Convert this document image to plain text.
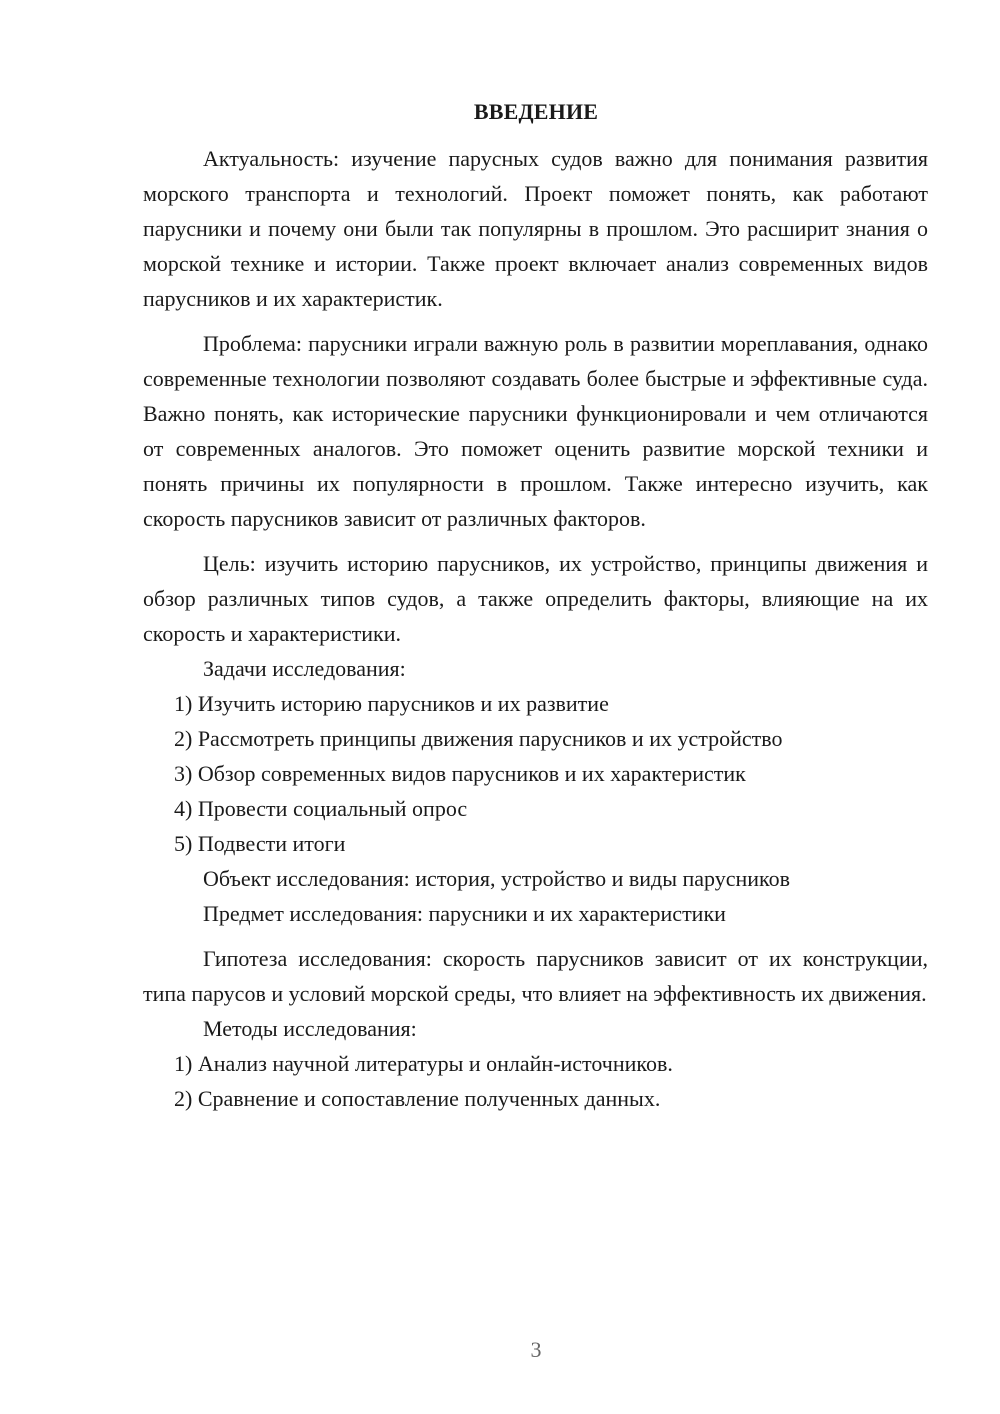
ВВЕДЕНИЕ

Актуальность: изучение парусных судов важно для понимания развития морского транспорта и технологий. Проект поможет понять, как работают парусники и почему они были так популярны в прошлом. Это расширит знания о морской технике и истории. Также проект включает анализ современных видов парусников и их характеристик.

Проблема: парусники играли важную роль в развитии мореплавания, однако современные технологии позволяют создавать более быстрые и эффективные суда. Важно понять, как исторические парусники функционировали и чем отличаются от современных аналогов. Это поможет оценить развитие морской техники и понять причины их популярности в прошлом. Также интересно изучить, как скорость парусников зависит от различных факторов.

Цель: изучить историю парусников, их устройство, принципы движения и обзор различных типов судов, а также определить факторы, влияющие на их скорость и характеристики.

Задачи исследования:

1) Изучить историю парусников и их развитие

2) Рассмотреть принципы движения парусников и их устройство

3) Обзор современных видов парусников и их характеристик

4) Провести социальный опрос

5) Подвести итоги

Объект исследования: история, устройство и виды парусников

Предмет исследования: парусники и их характеристики

Гипотеза исследования: скорость парусников зависит от их конструкции, типа парусов и условий морской среды, что влияет на эффективность их движения.

Методы исследования:

1) Анализ научной литературы и онлайн-источников.

2) Сравнение и сопоставление полученных данных.

3
